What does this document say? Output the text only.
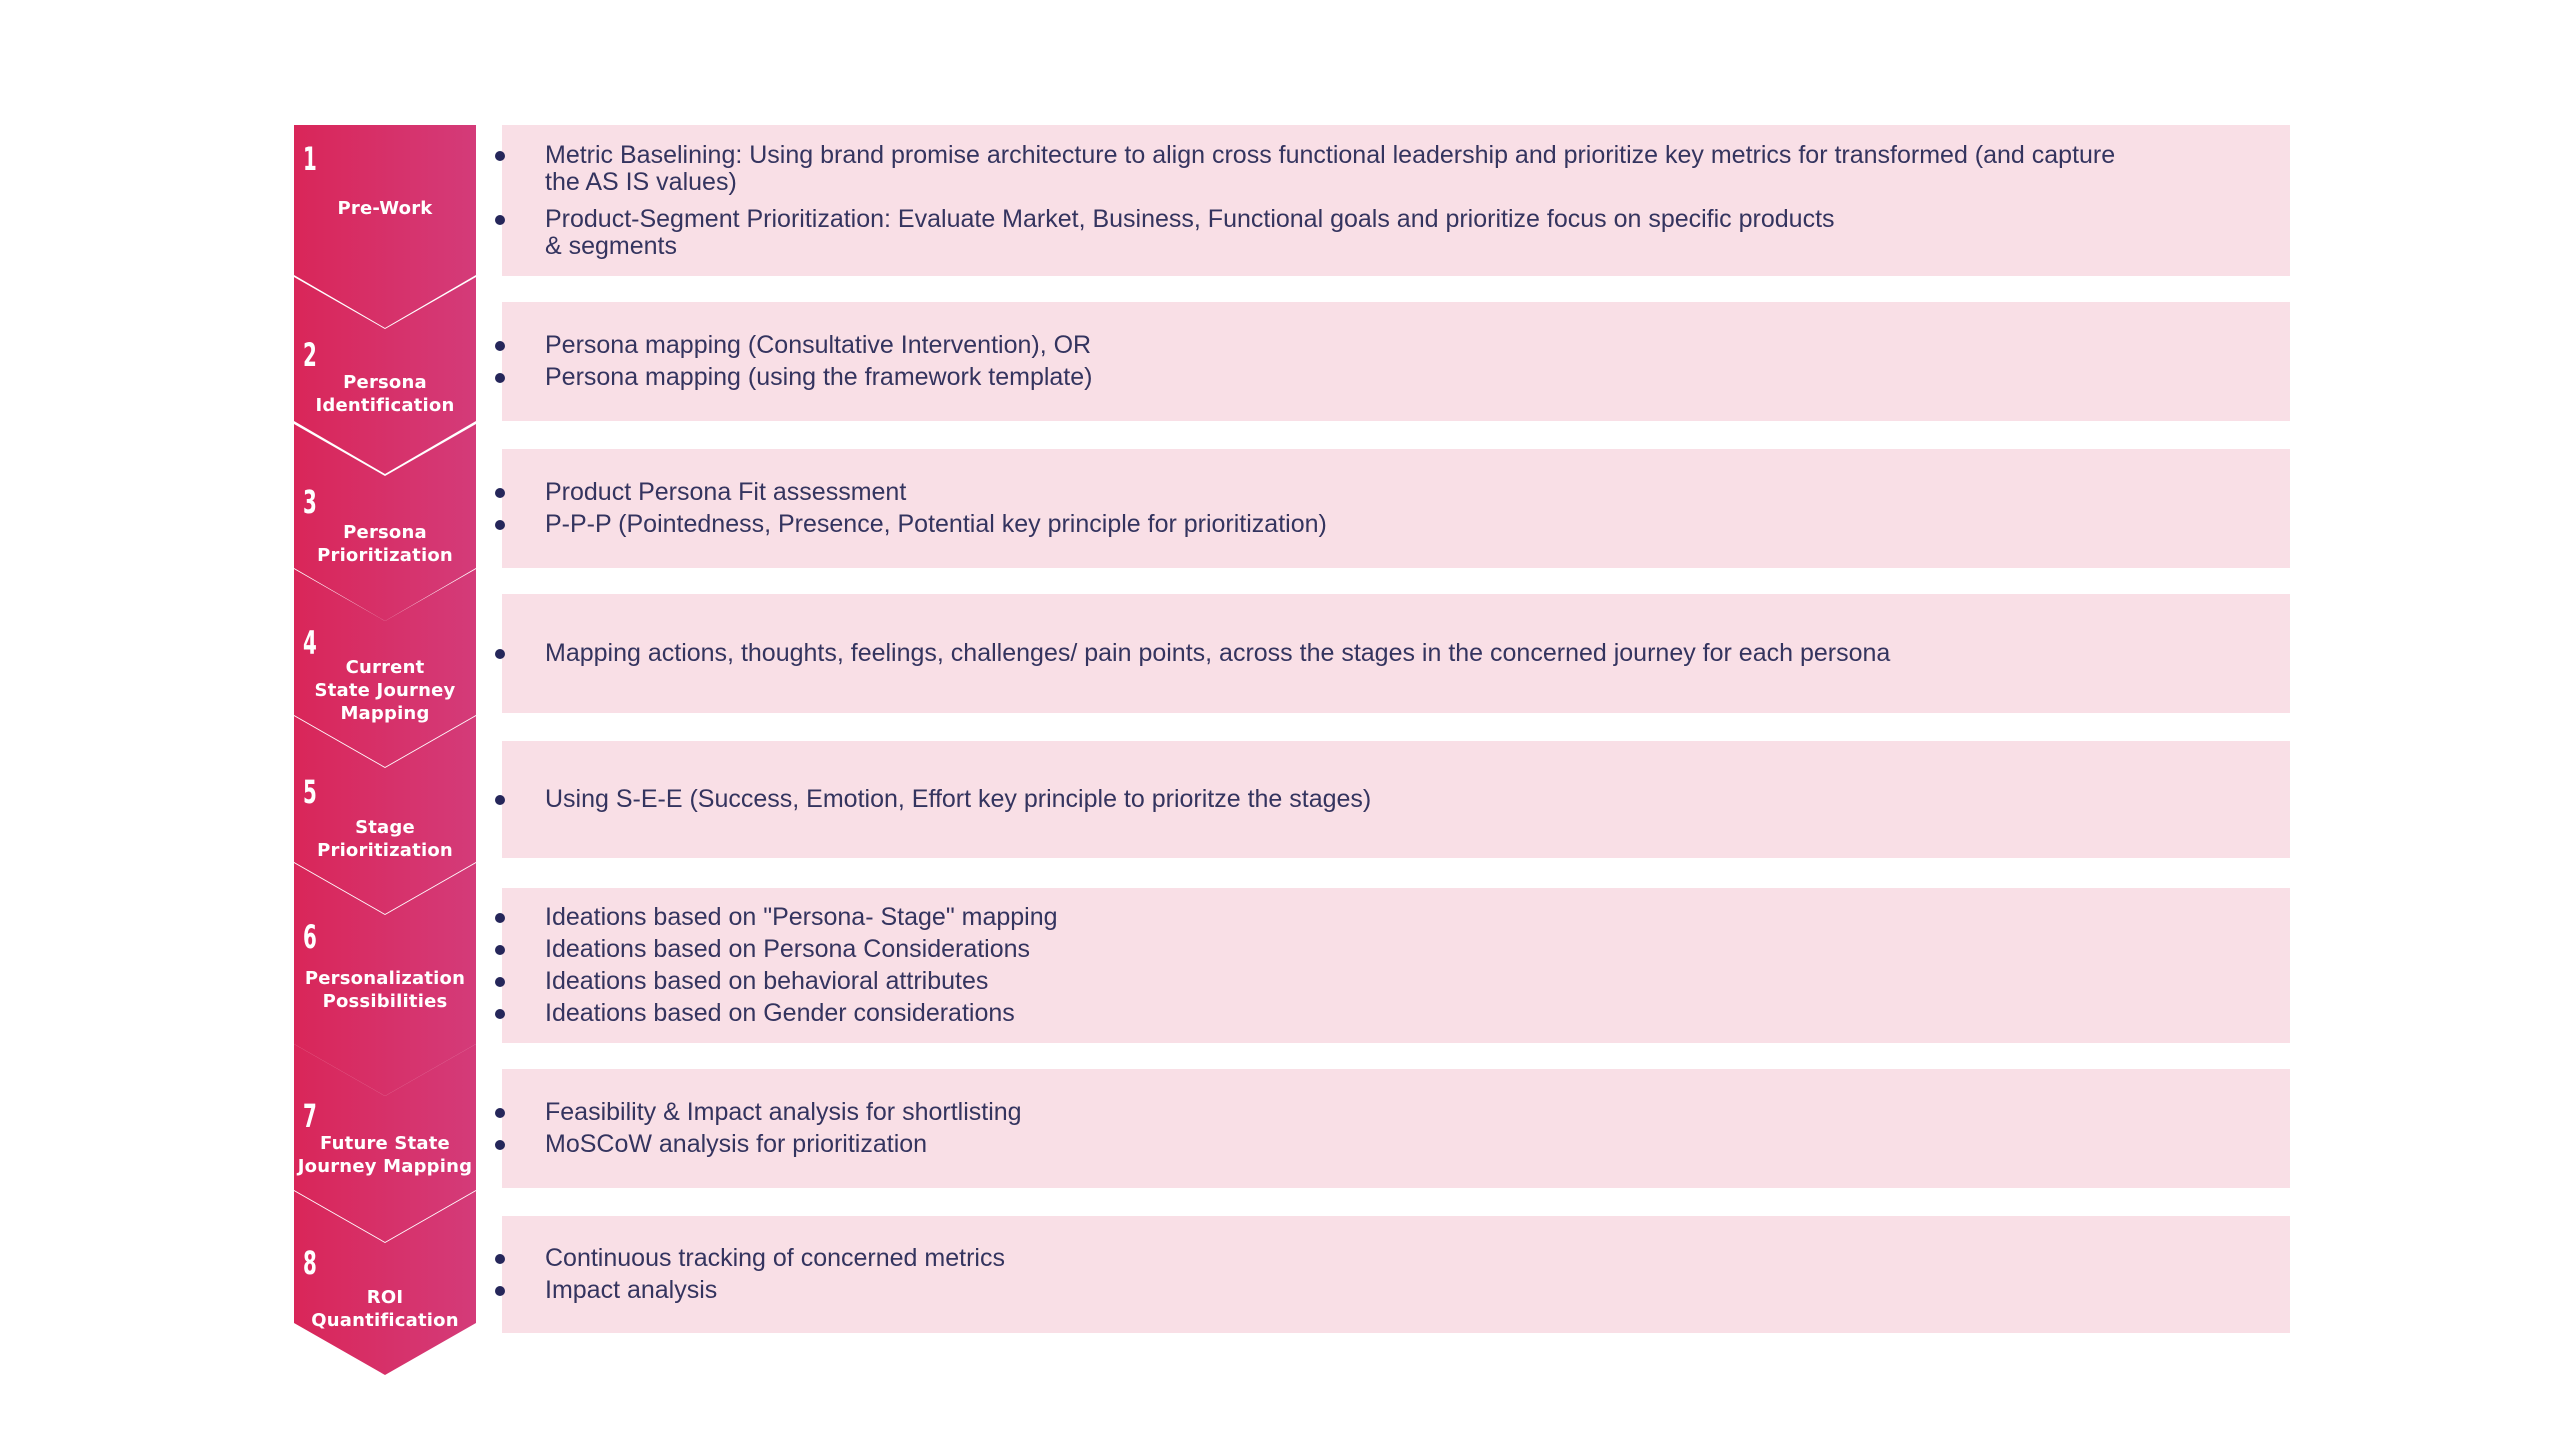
1
Pre-Work
Metric Baselining: Using brand promise architecture to align cross functional leadership and prioritize key metrics for transformed (and capture the AS IS values)
Product-Segment Prioritization: Evaluate Market, Business, Functional goals and prioritize focus on specific products & segments
2
Persona
Identification
Persona mapping (Consultative Intervention), OR
Persona mapping (using the framework template)
3
Persona
Prioritization
Product Persona Fit assessment
P-P-P (Pointedness, Presence, Potential key principle for prioritization)
4
Current
State Journey
Mapping
Mapping actions, thoughts, feelings, challenges/ pain points, across the stages in the concerned journey for each persona
5
Stage
Prioritization
Using S-E-E (Success, Emotion, Effort key principle to prioritze the stages)
6
Personalization
Possibilities
Ideations based on "Persona- Stage" mapping
Ideations based on Persona Considerations
Ideations based on behavioral attributes
Ideations based on Gender considerations
7
Future State
Journey Mapping
Feasibility & Impact analysis for shortlisting
MoSCoW analysis for prioritization
8
ROI
Quantification
Continuous tracking of concerned metrics
Impact analysis
